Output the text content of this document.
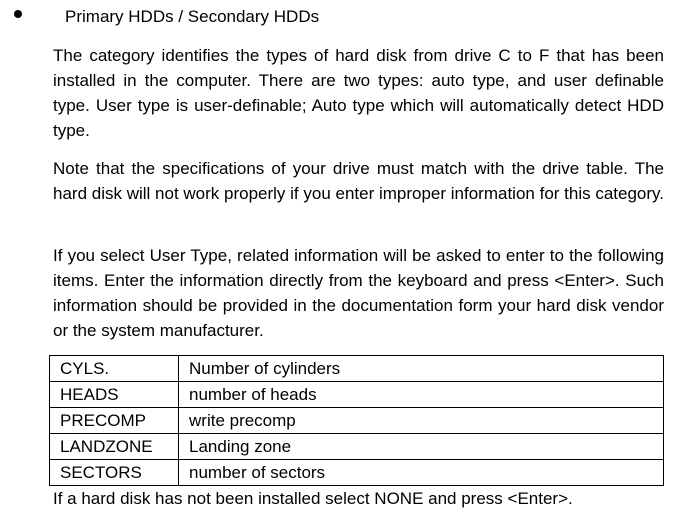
Primary HDDs / Secondary HDDs

The category identifies the types of hard disk from drive C to F that has been installed in the computer. There are two types: auto type, and user definable type. User type is user-definable; Auto type which will automatically detect HDD type.

Note that the specifications of your drive must match with the drive table. The hard disk will not work properly if you enter improper information for this category.

If you select User Type, related information will be asked to enter to the following items. Enter the information directly from the keyboard and press <Enter>. Such information should be provided in the documentation form your hard disk vendor or the system manufacturer.

CYLS.	Number of cylinders
HEADS	number of heads
PRECOMP	write precomp
LANDZONE	Landing zone
SECTORS	number of sectors
If a hard disk has not been installed select NONE and press <Enter>.
